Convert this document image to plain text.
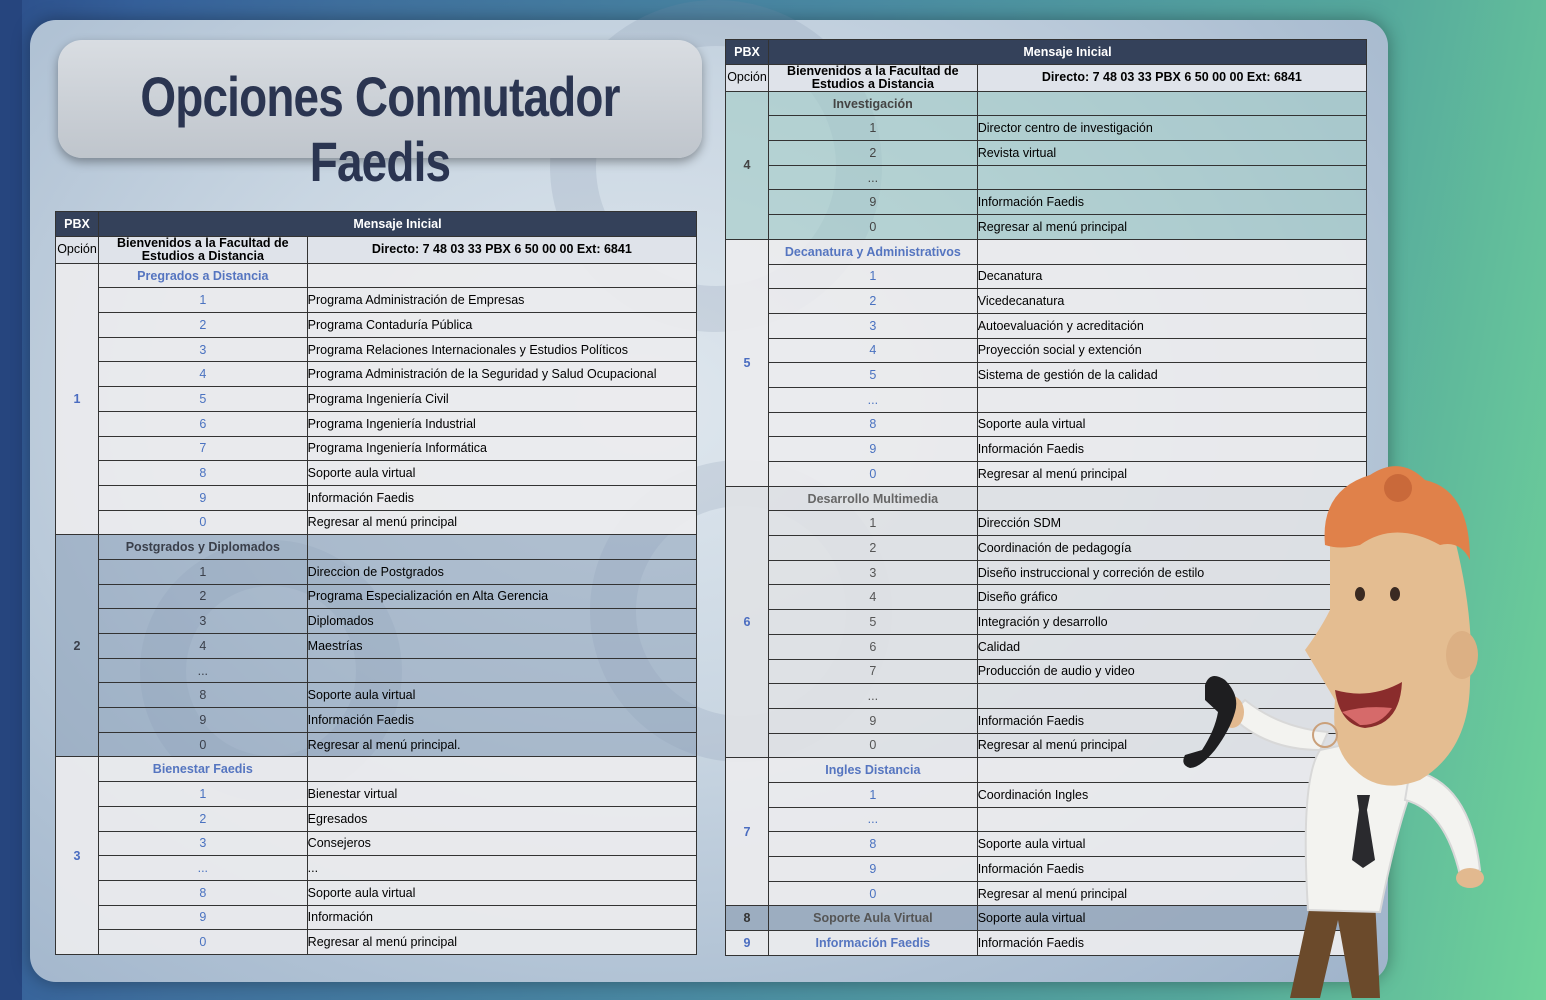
Opciones Conmutador Faedis
PBX	Mensaje Inicial	
Opción	Bienvenidos a la Facultad de Estudios a Distancia	Directo: 7 48 03 33 PBX 6 50 00 00 Ext: 6841
1	Pregrados a Distancia	
	1	Programa Administración de Empresas
	2	Programa Contaduría Pública
	3	Programa Relaciones Internacionales y Estudios Políticos
	4	Programa Administración de la Seguridad y Salud Ocupacional
	5	Programa Ingeniería Civil
	6	Programa Ingeniería Industrial
	7	Programa Ingeniería Informática
	8	Soporte aula virtual
	9	Información Faedis
	0	Regresar al menú principal
2	Postgrados y Diplomados	
	1	Direccion de Postgrados
	2	Programa Especialización en Alta Gerencia
	3	Diplomados
	4	Maestrías
	...	
	8	Soporte aula virtual
	9	Información Faedis
	0	Regresar al menú principal.
3	Bienestar Faedis	
	1	Bienestar virtual
	2	Egresados
	3	Consejeros
	...	...
	8	Soporte aula virtual
	9	Información
	0	Regresar al menú principal
PBX	Mensaje Inicial	
Opción	Bienvenidos a la Facultad de Estudios a Distancia	Directo: 7 48 03 33 PBX 6 50 00 00 Ext: 6841
4	Investigación	
	1	Director centro de investigación
	2	Revista virtual
	...	
	9	Información Faedis
	0	Regresar al menú principal
5	Decanatura y Administrativos	
	1	Decanatura
	2	Vicedecanatura
	3	Autoevaluación y acreditación
	4	Proyección social y extención
	5	Sistema de gestión de la calidad
	...	
	8	Soporte aula virtual
	9	Información Faedis
	0	Regresar al menú principal
6	Desarrollo Multimedia	
	1	Dirección SDM
	2	Coordinación de pedagogía
	3	Diseño instruccional y correción de estilo
	4	Diseño gráfico
	5	Integración y desarrollo
	6	Calidad
	7	Producción de audio y video
	...	
	9	Información Faedis
	0	Regresar al menú principal
7	Ingles Distancia	
	1	Coordinación Ingles
	...	
	8	Soporte aula virtual
	9	Información Faedis
	0	Regresar al menú principal
8	Soporte Aula Virtual	Soporte aula virtual
9	Información Faedis	Información Faedis
